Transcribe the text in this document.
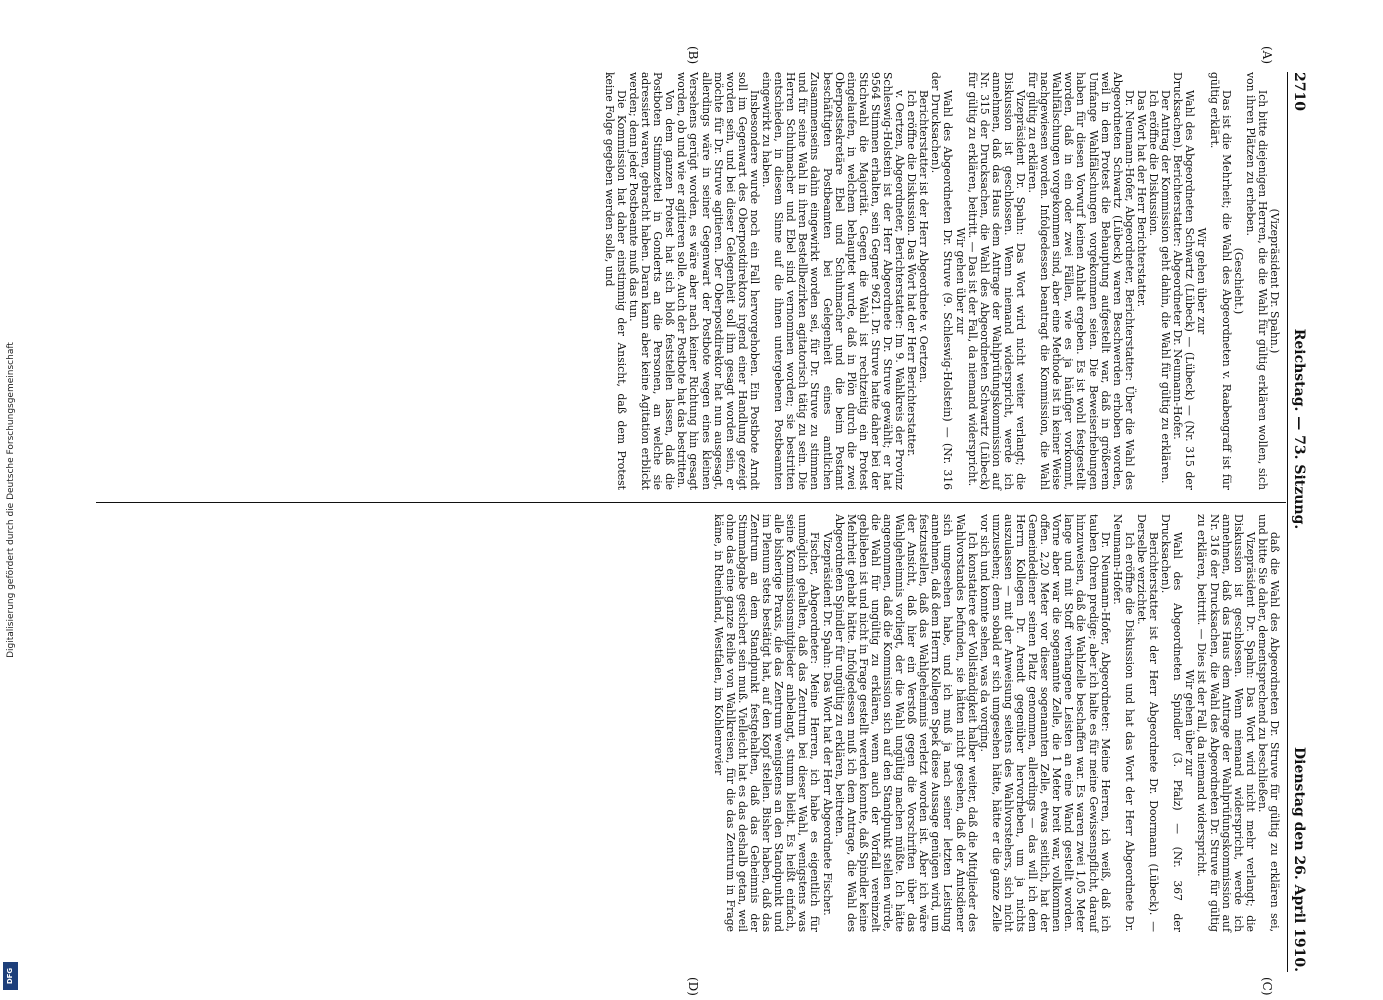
Digitalisierung gefördert durch die Deutsche Forschungsgemeinschaft
DFG
2710
Reichstag. — 73. Sitzung.
Dienstag den 26. April 1910.
(A)
(B)
(C)
(D)

(Vizepräsident Dr. Spahn.)

Ich bitte diejenigen Herren, die die Wahl für gültig erklären wollen, sich von ihren Plätzen zu erheben.

(Geschieht.)

Das ist die Mehrheit; die Wahl des Abgeordneten v. Raabengraff ist für gültig erklärt.

Wir gehen über zur

Wahl des Abgeordneten Schwartz (Lübeck) — (Lübeck) — (Nr. 315 der Drucksachen). Berichterstatter: Abgeordneter Dr. Neumann-Hofer.

Der Antrag der Kommission geht dahin, die Wahl für gültig zu erklären.

Ich eröffne die Diskussion.

Das Wort hat der Herr Berichterstatter.

Dr. Neumann-Hofer, Abgeordneter, Berichterstatter: Über die Wahl des Abgeordneten Schwartz (Lübeck) waren Beschwerden erhoben worden, weil in dem Protest die Behauptung aufgestellt war, daß in größerem Umfange Wahlfälschungen vorgekommen seien. Die Beweiserhebungen haben für diesen Vorwurf keinen Anhalt ergeben. Es ist wohl festgestellt worden, daß in ein oder zwei Fällen, wie es ja häufiger vorkommt, Wahlfälschungen vorgekommen sind, aber eine Methode ist in keiner Weise nachgewiesen worden. Infolgedessen beantragt die Kommission, die Wahl für gültig zu erklären.

Vizepräsident Dr. Spahn: Das Wort wird nicht weiter verlangt; die Diskussion ist geschlossen. Wenn niemand widerspricht, werde ich annehmen, daß das Haus dem Antrage der Wahlprüfungskommission auf Nr. 315 der Drucksachen, die Wahl des Abgeordneten Schwartz (Lübeck) für gültig zu erklären, beitritt. — Das ist der Fall, da niemand widerspricht.

Wir gehen über zur

Wahl des Abgeordneten Dr. Struve (9. Schleswig-Holstein) — (Nr. 316 der Drucksachen).

Berichterstatter ist der Herr Abgeordnete v. Oertzen.

Ich eröffne die Diskussion. Das Wort hat der Herr Berichterstatter.

v. Oertzen, Abgeordneter, Berichterstatter: Im 9. Wahlkreis der Provinz Schleswig-Holstein ist der Herr Abgeordnete Dr. Struve gewählt; er hat 9564 Stimmen erhalten, sein Gegner 9621. Dr. Struve hatte daher bei der Stichwahl die Majorität. Gegen die Wahl ist rechtzeitig ein Protest eingelaufen, in welchem behauptet wurde, daß in Plön durch die zwei Oberpostsekretäre Ebel und Schuhmacher und die beim Postamt beschäftigten Postbeamten bei Gelegenheit eines amtlichen Zusammenseins dahin eingewirkt worden sei, für Dr. Struve zu stimmen und für seine Wahl in ihren Bestellbezirken agitatorisch tätig zu sein. Die Herren Schuhmacher und Ebel sind vernommen worden; sie bestritten entschieden, in diesem Sinne auf die ihnen untergebenen Postbeamten eingewirkt zu haben.

Insbesondere wurde noch ein Fall hervorgehoben. Ein Postbote Arndt soll im Gegenwart des Oberpostdirektors irgend einer Handlung gezeigt worden sein, und bei dieser Gelegenheit soll ihm gesagt worden sein, er möchte für Dr. Struve agitieren. Der Oberpostdirektor hat nun ausgesagt, allerdings wäre in seiner Gegenwart der Postbote wegen eines kleinen Versehens gerügt worden, es wäre aber nach keiner Richtung hin gesagt worden, ob und wie er agitieren solle. Auch der Postbote hat das bestritten.

Von dem ganzen Protest hat sich bloß feststellen lassen, daß die Postboten Stimmzettel in Gonderts an die Personen, an welche sie adressiert waren, gebracht haben. Daran kann aber keine Agitation erblickt werden; denn jeder Postbeamte muß das tun.

Die Kommission hat daher einstimmig der Ansicht, daß dem Protest keine Folge gegeben werden solle, und

daß die Wahl des Abgeordneten Dr. Struve für gültig zu erklären sei, und bitte Sie daher, dementsprechend zu beschließen.

Vizepräsident Dr. Spahn: Das Wort wird nicht mehr verlangt; die Diskussion ist geschlossen. Wenn niemand widerspricht, werde ich annehmen, daß das Haus dem Antrage der Wahlprüfungskommission auf Nr. 316 der Drucksachen, die Wahl des Abgeordneten Dr. Struve für gültig zu erklären, beitritt. — Dies ist der Fall, da niemand widerspricht.

Wir gehen über zur

Wahl des Abgeordneten Spindler (3. Pfalz) — (Nr. 367 der Drucksachen).

Berichterstatter ist der Herr Abgeordnete Dr. Doormann (Lübeck). — Derselbe verzichtet.

Ich eröffne die Diskussion und hat das Wort der Herr Abgeordnete Dr. Neumann-Hofer.

Dr. Neumann-Hofer, Abgeordneter: Meine Herren, ich weiß, daß ich tauben Ohren predige; aber ich halte es für meine Gewissenspflicht, darauf hinzuweisen, daß die Wahlzelle beschaffen war. Es waren zwei 1,05 Meter lange und mit Stoff verhangene Leisten an eine Wand gestellt worden. Vorne aber war die sogenannte Zelle, die 1 Meter breit war, vollkommen offen. 2,20 Meter vor dieser sogenannten Zelle, etwas seitlich, hat der Gemeindediener seinen Platz genommen, allerdings — das will ich dem Herrn Kollegen Dr. Arendt gegenüber hervorheben, um ja nichts auszulassen — mit der Anweisung seitens des Wahlvorstehers, sich nicht umzusehen; denn sobald er sich umgesehen hätte, hätte er die ganze Zelle vor sich und konnte sehen, was da vorging.

Ich konstatiere der Vollständigkeit halber weiter, daß die Mitglieder des Wahlvorstandes befunden, sie hätten nicht gesehen, daß der Amtsdiener sich umgesehen habe, und ich muß ja nach seiner letzten Leistung annehmen, daß dem Herrn Kollegen Spek diese Aussage genügen wird, um festzustellen, daß das Wahlgeheimnis verletzt worden ist. Aber ich wäre der Ansicht, daß hier ein Verstoß gegen die Vorschriften über das Wahlgeheimnis vorliegt, der die Wahl ungültig machen müßte. Ich hätte angenommen, daß die Kommission sich auf den Standpunkt stellen würde, die Wahl für ungültig zu erklären, wenn auch der Vorfall vereinzelt geblieben ist und nicht in Frage gestellt werden konnte, daß Spindler keine Mehrheit gehabt hätte. Infolgedessen muß ich dem Antrage, die Wahl des Abgeordneten Spindler für ungültig zu erklären, beitreten.

Vizepräsident Dr. Spahn: Das Wort hat der Herr Abgeordnete Fischer.

Fischer, Abgeordneter: Meine Herren, ich habe es eigentlich für unmöglich gehalten, daß das Zentrum bei dieser Wahl, wenigstens was seine Kommissionsmitglieder anbelangt, stumm bleibt. Es heißt einfach, alle bisherige Praxis, die das Zentrum wenigstens an den Standpunkt und im Plenum stets bestätigt hat, auf den Kopf stellen. Bisher haben, daß das Zentrum an dem Standpunkt festgehalten, daß das Geheimnis der Stimmabgabe gesichert sein muß. Vielleicht hat es das deshalb getan, weil ohne das eine ganze Reihe von Wahlkreisen, für die das Zentrum in Frage käme, in Rheinland, Westfalen, im Kohlenrevier
